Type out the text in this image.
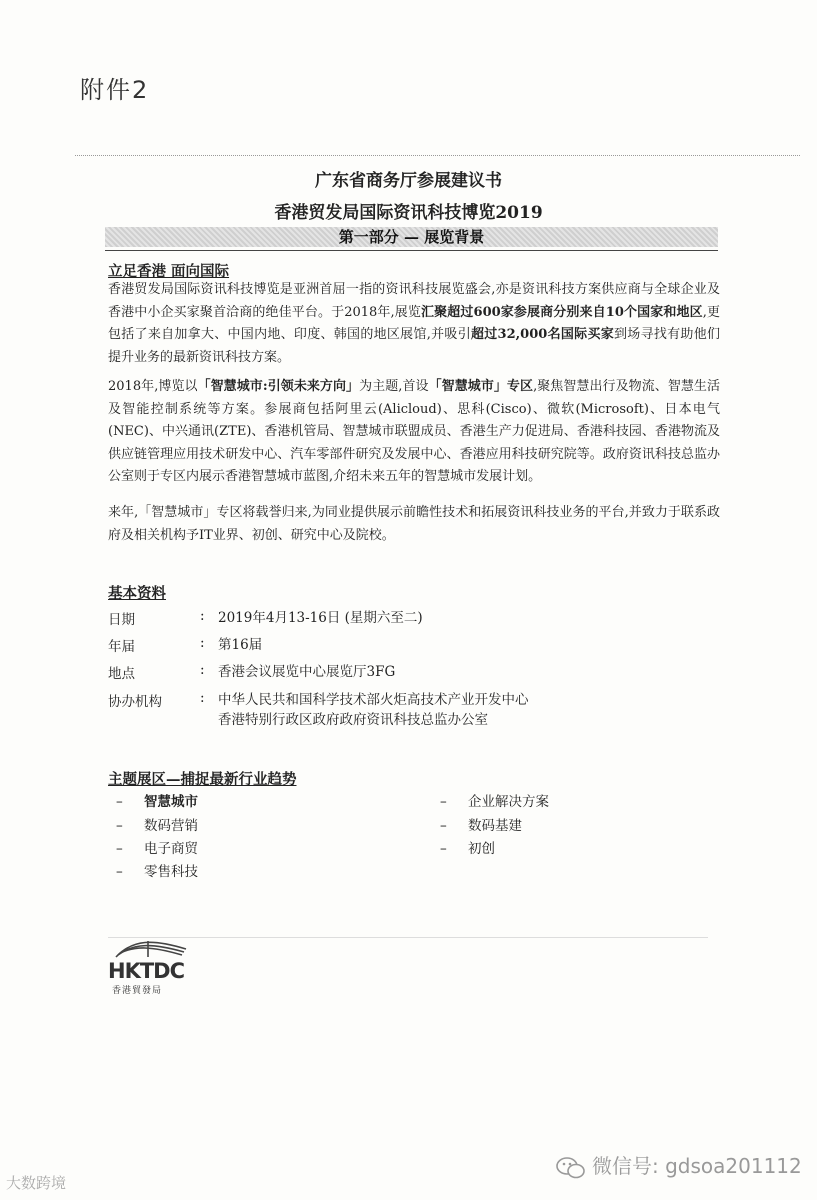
附件2
广东省商务厅参展建议书
香港贸发局国际资讯科技博览2019
第一部分 — 展览背景
立足香港 面向国际
香港贸发局国际资讯科技博览是亚洲首屈一指的资讯科技展览盛会,亦是资讯科技方案供应商与全球企业及香港中小企买家聚首洽商的绝佳平台。于2018年,展览汇聚超过600家参展商分别来自10个国家和地区,更包括了来自加拿大、中国内地、印度、韩国的地区展馆,并吸引超过32,000名国际买家到场寻找有助他们提升业务的最新资讯科技方案。
2018年,博览以「智慧城市:引领未来方向」为主题,首设「智慧城市」专区,聚焦智慧出行及物流、智慧生活及智能控制系统等方案。参展商包括阿里云(Alicloud)、思科(Cisco)、微软(Microsoft)、日本电气(NEC)、中兴通讯(ZTE)、香港机管局、智慧城市联盟成员、香港生产力促进局、香港科技园、香港物流及供应链管理应用技术研发中心、汽车零部件研究及发展中心、香港应用科技研究院等。政府资讯科技总监办公室则于专区内展示香港智慧城市蓝图,介绍未来五年的智慧城市发展计划。
来年,「智慧城市」专区将载誉归来,为同业提供展示前瞻性技术和拓展资讯科技业务的平台,并致力于联系政府及相关机构予IT业界、初创、研究中心及院校。
基本资料
日期	: 2019年4月13-16日 (星期六至二)
年届	: 第16届
地点	: 香港会议展览中心展览厅3FG
协办机构	: 中华人民共和国科学技术部火炬高技术产业开发中心
香港特别行政区政府政府资讯科技总监办公室
主题展区—捕捉最新行业趋势
– 智慧城市
– 数码营销
– 电子商贸
– 零售科技
– 企业解决方案
– 数码基建
– 初创
HKTDC
香港貿發局
大数跨境
微信号: gdsoa201112
